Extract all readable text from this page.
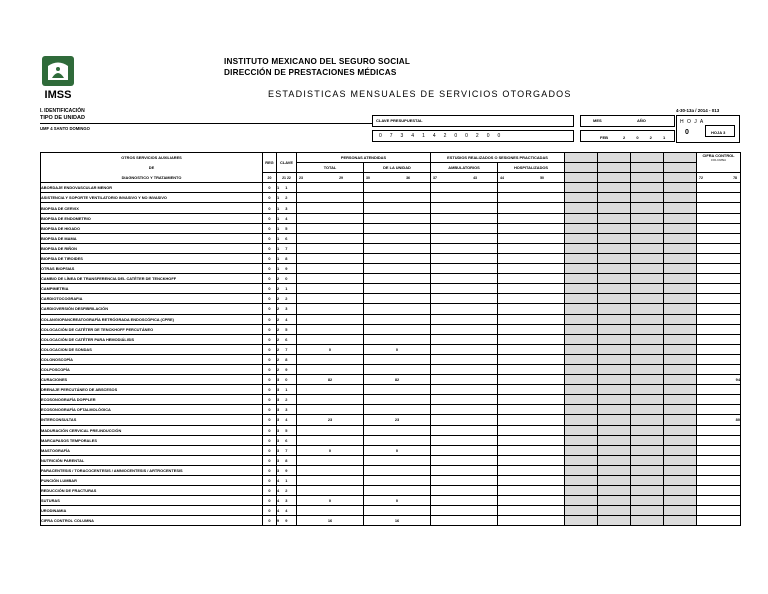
IMSS
INSTITUTO MEXICANO DEL SEGURO SOCIAL
DIRECCIÓN DE PRESTACIONES MÉDICAS
ESTADISTICAS MENSUALES DE SERVICIOS OTORGADOS
4-30-13a / 2014 - 013
I. IDENTIFICACIÓN
TIPO DE UNIDAD
UMF 4 SANTO DOMINGO
CLAVE PRESUPUESTAL
0 7 3 4 1 4 2 0 0 2 0 0
MES	AÑO
FEB	2 0 2 1
H O J A
0	HOJA 3
OTROS SERVICIOS AUXILIARES	REG	CLAVE	PERSONAS ATENDIDAS		ESTUDIOS REALIZADOS O SESIONES PRACTICADAS						CIFRA CONTROL
COLUMNA

DE			TOTAL	DE LA UNIDAD	AMBULATORIOS	HOSPITALIZADOS					
DIAGNOSTICO Y TRATAMIENTO	20	21 22	23 29	30 36	37 43	44 50					72 78

ABORDAJE ENDOVASCULAR MENOR	0	1 1									
ASISTENCIA Y SOPORTE VENTILATORIO INVASIVO Y NO INVASIVO	0	1 2									
BIOPSIA DE CERVIX	0	1 3									
BIOPSIA DE ENDOMETRIO	0	1 4									
BIOPSIA DE HIGADO	0	1 5									
BIOPSIA DE MAMA	0	1 6									
BIOPSIA DE RIÑON	0	1 7									
BIOPSIA DE TIROIDES	0	1 8									
OTRAS BIOPSIAS	0	1 9									
CAMBIO DE LÍNEA DE TRANSFERENCIA DEL CATÉTER DE TENCKHOFF	0	2 0									
CAMPIMETRIA	0	2 1									
CARDIOTOCOGRAFIA	0	2 2									
CARDIOVERSIÓN DESFIBRILACIÓN	0	2 3									
COLANGIOPANCREATOGRAFÍA RETRÓGRADA ENDOSCÓPICA (CPRE)	0	2 4									
COLOCACIÓN DE CATÉTER DE TENCKHOFF PERCUTÁNEO	0	2 5									
COLOCACIÓN DE CATÉTER PARA HEMODIÁLISIS	0	2 6									
COLOCACION DE SONDAS	0	2 7	0	0							
COLONOSCOPÍA	0	2 8									
COLPOSCOPÍA	0	2 9									
CURACIONES	0	3 0	82	82							94
DRENAJE PERCUTÁNEO DE ABSCESOS	0	3 1									
ECOSONOGRAFÍA DOPPLER	0	3 2									
ECOSONOGRAFÍA OFTALMOLÓGICA	0	3 3									
INTERCONSULTAS	0	3 4	23	23							80
MADURACIÓN CERVICAL PRE-INDUCCIÓN	0	3 5									
MARCAPASOS TEMPORALES	0	3 6									
MASTOGRAFÍA	0	3 7	0	0							
NUTRICIÓN PARENTAL	0	3 8									
PARACENTESIS / TORACOCENTESIS / AMNIOCENTESIS / ARTROCENTESIS	0	3 9									
PUNCIÓN LUMBAR	0	4 1									
REDUCCIÓN DE FRACTURAS	0	4 2									
SUTURAS	0	4 3	0	0							
URODINAMIA	0	4 4									
CIFRA CONTROL COLUMNA	0	9 9	16	16							
